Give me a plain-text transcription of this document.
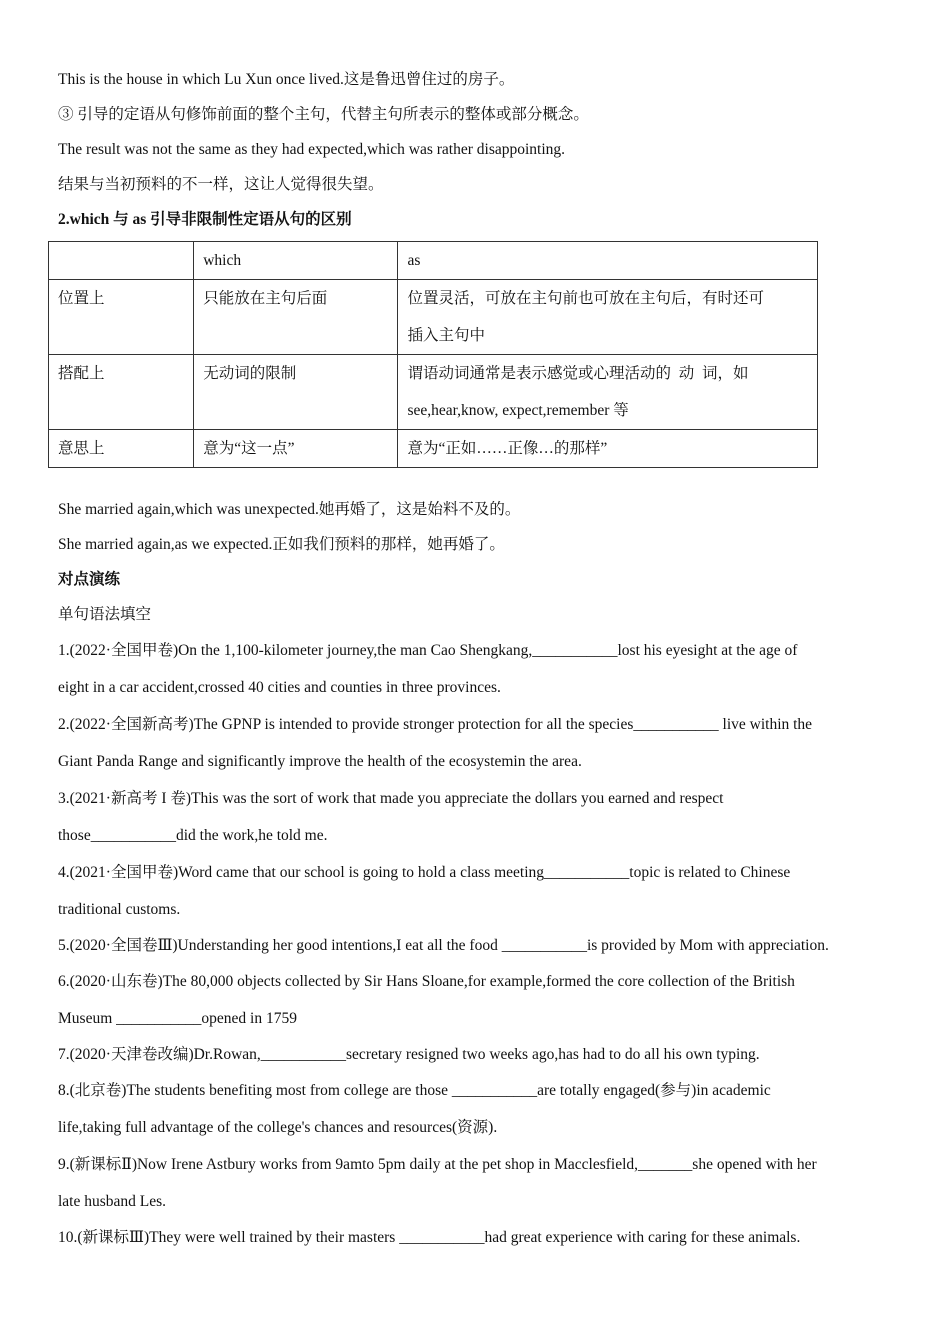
This is the house in which Lu Xun once lived.这是鲁迅曾住过的房子。

③ 引导的定语从句修饰前面的整个主句，代替主句所表示的整体或部分概念。

The result was not the same as they had expected,which was rather disappointing.

结果与当初预料的不一样，这让人觉得很失望。

2.which 与 as 引导非限制性定语从句的区别

	which	as
位置上	只能放在主句后面	位置灵活，可放在主句前也可放在主句后，有时还可
插入主句中

搭配上	无动词的限制	谓语动词通常是表示感觉或心理活动的  动  词，如
see,hear,know, expect,remember 等

意思上	意为“这一点”	意为“正如……正像…的那样”

She married again,which was unexpected.她再婚了，这是始料不及的。

She married again,as we expected.正如我们预料的那样，她再婚了。

对点演练

单句语法填空

1.(2022·全国甲卷)On the 1,100-kilometer journey,the man Cao Shengkang,___________lost his eyesight at the age of

eight in a car accident,crossed 40 cities and counties in three provinces.

2.(2022·全国新高考)The GPNP is intended to provide stronger protection for all the species___________ live within the

Giant Panda Range and significantly improve the health of the ecosystemin the area.

3.(2021·新高考 I 卷)This was the sort of work that made you appreciate the dollars you earned and respect

those___________did the work,he told me.

4.(2021·全国甲卷)Word came that our school is going to hold a class meeting___________topic is related to Chinese

traditional customs.

5.(2020·全国卷Ⅲ)Understanding her good intentions,I eat all the food ___________is provided by Mom with appreciation.

6.(2020·山东卷)The 80,000 objects collected by Sir Hans Sloane,for example,formed the core collection of the British

Museum ___________opened in 1759

7.(2020·天津卷改编)Dr.Rowan,___________secretary resigned two weeks ago,has had to do all his own typing.

8.(北京卷)The students benefiting most from college are those ___________are totally engaged(参与)in academic

life,taking full advantage of the college's chances and resources(资源).

9.(新课标Ⅱ)Now Irene Astbury works from 9amto 5pm daily at the pet shop in Macclesfield,_______she opened with her

late husband Les.

10.(新课标Ⅲ)They were well trained by their masters ___________had great experience with caring for these animals.
